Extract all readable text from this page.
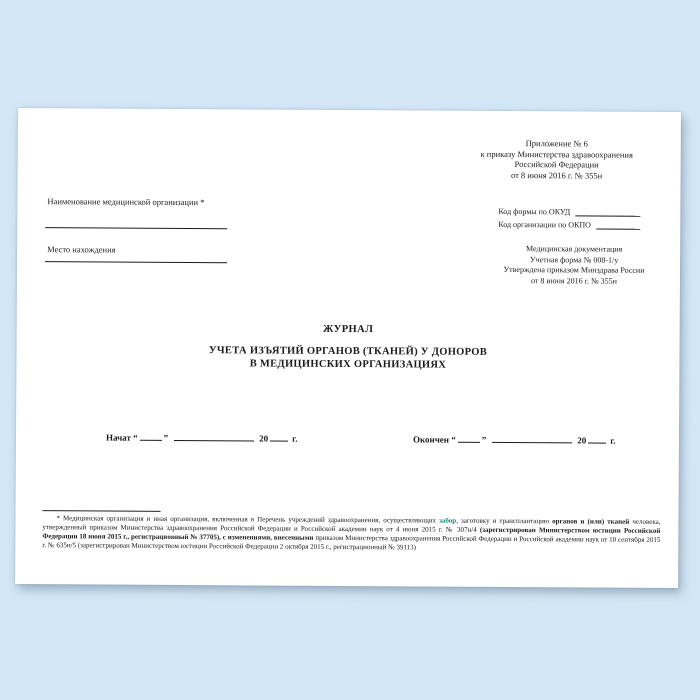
Приложение № 6
к приказу Министерства здравоохранения
Российской Федерации
от 8 июня 2016 г. № 355н
Наименование медицинской организации *
Место нахождения
Код формы по ОКУД
Код организации по ОКПО
Медицинская документация
Учетная форма № 008-1/у
Утверждена приказом Минздрава России
от 8 июня 2016 г. № 355н
ЖУРНАЛ
УЧЕТА ИЗЪЯТИЙ ОРГАНОВ (ТКАНЕЙ) У ДОНОРОВ
В МЕДИЦИНСКИХ ОРГАНИЗАЦИЯХ
Начат “	”	20	г.	Окончен “	”	20	г.
* Медицинская организация и иная организация, включенная в Перечень учреждений здравоохранения, осуществляющих забор, заготовку и трансплантацию органов и (или) тканей человека, утвержденный приказом Министерства здравоохранения Российской Федерации и Российской академии наук от 4 июня 2015 г. № 307н/4 (зарегистрирован Министерством юстиции Российской Федерации 18 июня 2015 г., регистрационный № 37705), с изменениями, внесенными приказом Министерства здравоохранения Российской Федерации и Российской академии наук от 10 сентября 2015 г. № 635н/5 (зарегистрирован Министерством юстиции Российской Федерации 2 октября 2015 г., регистрационный № 39113)
